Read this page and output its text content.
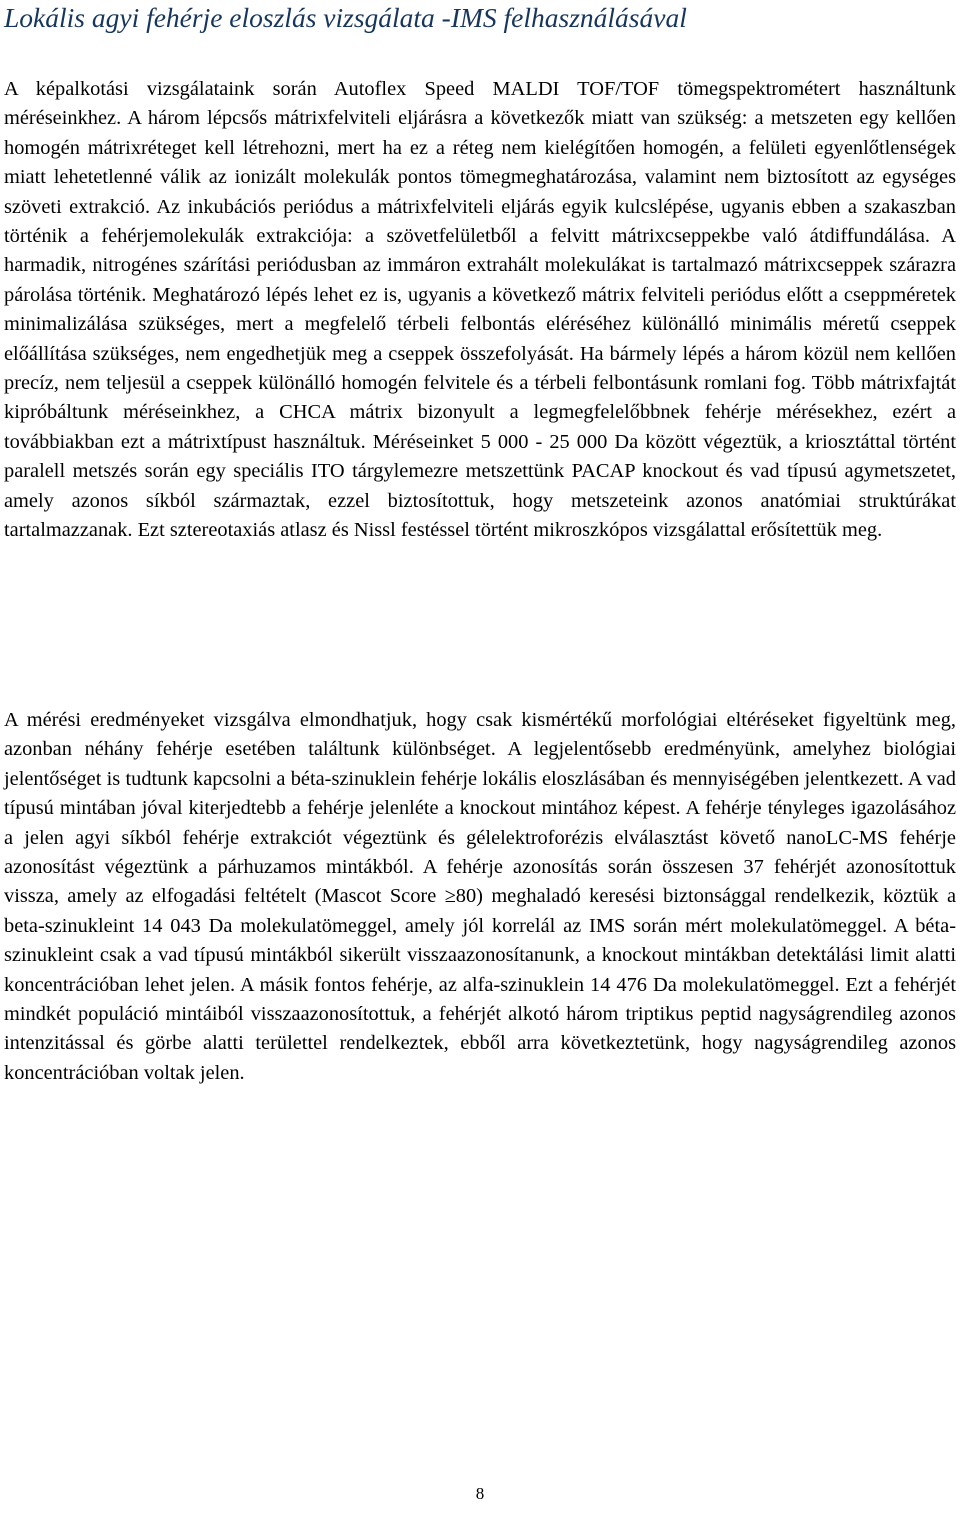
Lokális agyi fehérje eloszlás vizsgálata -IMS felhasználásával

A képalkotási vizsgálataink során Autoflex Speed MALDI TOF/TOF tömegspektrométert használtunk méréseinkhez. A három lépcsős mátrixfelviteli eljárásra a következők miatt van szükség: a metszeten egy kellően homogén mátrixréteget kell létrehozni, mert ha ez a réteg nem kielégítően homogén, a felületi egyenlőtlenségek miatt lehetetlenné válik az ionizált molekulák pontos tömegmeghatározása, valamint nem biztosított az egységes szöveti extrakció. Az inkubációs periódus a mátrixfelviteli eljárás egyik kulcslépése, ugyanis ebben a szakaszban történik a fehérjemolekulák extrakciója: a szövetfelületből a felvitt mátrixcseppekbe való átdiffundálása. A harmadik, nitrogénes szárítási periódusban az immáron extrahált molekulákat is tartalmazó mátrixcseppek szárazra párolása történik. Meghatározó lépés lehet ez is, ugyanis a következő mátrix felviteli periódus előtt a cseppméretek minimalizálása szükséges, mert a megfelelő térbeli felbontás eléréséhez különálló minimális méretű cseppek előállítása szükséges, nem engedhetjük meg a cseppek összefolyását. Ha bármely lépés a három közül nem kellően precíz, nem teljesül a cseppek különálló homogén felvitele és a térbeli felbontásunk romlani fog. Több mátrixfajtát kipróbáltunk méréseinkhez, a CHCA mátrix bizonyult a legmegfelelőbbnek fehérje mérésekhez, ezért a továbbiakban ezt a mátrixtípust használtuk. Méréseinket 5 000 - 25 000 Da között végeztük, a kriosztáttal történt paralell metszés során egy speciális ITO tárgylemezre metszettünk PACAP knockout és vad típusú agymetszetet, amely azonos síkból származtak, ezzel biztosítottuk, hogy metszeteink azonos anatómiai struktúrákat tartalmazzanak. Ezt sztereotaxiás atlasz és Nissl festéssel történt mikroszkópos vizsgálattal erősítettük meg.

A mérési eredményeket vizsgálva elmondhatjuk, hogy csak kismértékű morfológiai eltéréseket figyeltünk meg, azonban néhány fehérje esetében találtunk különbséget. A legjelentősebb eredményünk, amelyhez biológiai jelentőséget is tudtunk kapcsolni a béta-szinuklein fehérje lokális eloszlásában és mennyiségében jelentkezett. A vad típusú mintában jóval kiterjedtebb a fehérje jelenléte a knockout mintához képest. A fehérje tényleges igazolásához a jelen agyi síkból fehérje extrakciót végeztünk és gélelektroforézis elválasztást követő nanoLC-MS fehérje azonosítást végeztünk a párhuzamos mintákból. A fehérje azonosítás során összesen 37 fehérjét azonosítottuk vissza, amely az elfogadási feltételt (Mascot Score ≥80) meghaladó keresési biztonsággal rendelkezik, köztük a beta-szinukleint 14 043 Da molekulatömeggel, amely jól korrelál az IMS során mért molekulatömeggel. A béta-szinukleint csak a vad típusú mintákból sikerült visszaazonosítanunk, a knockout mintákban detektálási limit alatti koncentrációban lehet jelen. A másik fontos fehérje, az alfa-szinuklein 14 476 Da molekulatömeggel. Ezt a fehérjét mindkét populáció mintáiból visszaazonosítottuk, a fehérjét alkotó három triptikus peptid nagyságrendileg azonos intenzitással és görbe alatti területtel rendelkeztek, ebből arra következtetünk, hogy nagyságrendileg azonos koncentrációban voltak jelen.

8
